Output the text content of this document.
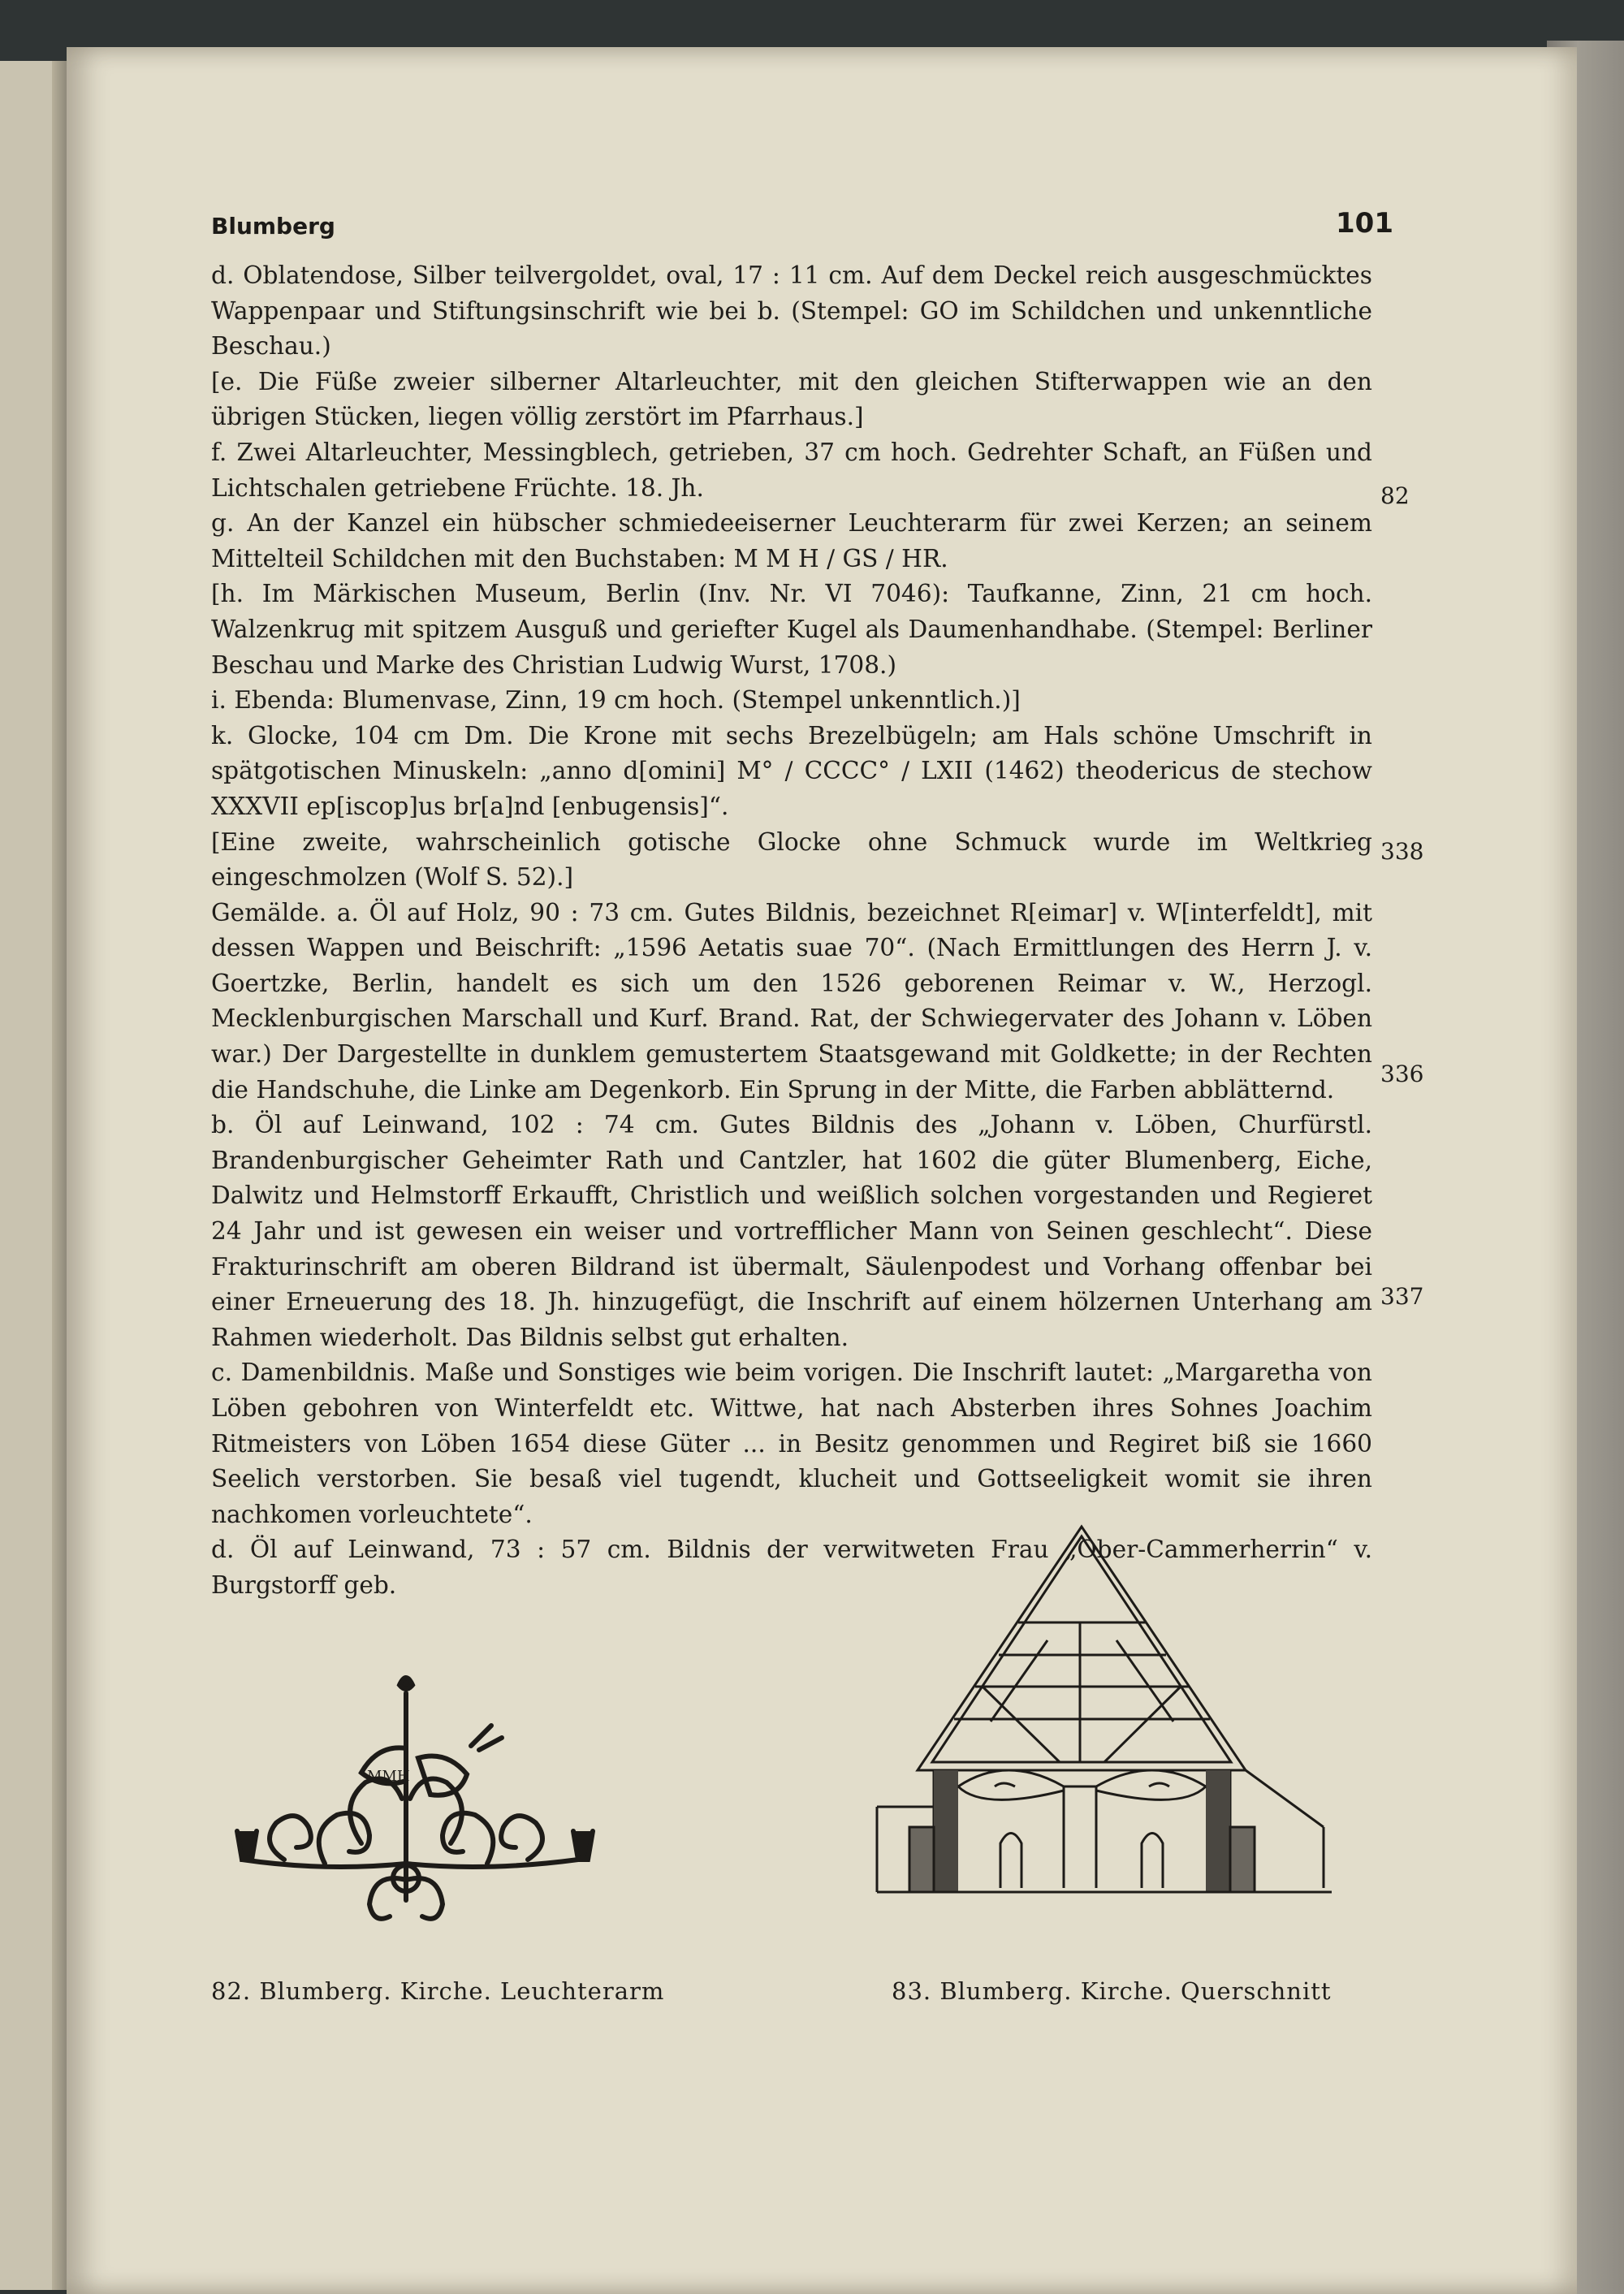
Blumberg	101

d. Oblatendose, Silber teilvergoldet, oval, 17 : 11 cm. Auf dem Deckel reich ausgeschmücktes Wappenpaar und Stiftungsinschrift wie bei b. (Stempel: GO im Schildchen und unkenntliche Beschau.)

[e. Die Füße zweier silberner Altarleuchter, mit den gleichen Stifterwappen wie an den übrigen Stücken, liegen völlig zerstört im Pfarrhaus.]

f. Zwei Altarleuchter, Messingblech, getrieben, 37 cm hoch. Gedrehter Schaft, an Füßen und Lichtschalen getriebene Früchte. 18. Jh.

g. An der Kanzel ein hübscher schmiedeeiserner Leuchterarm für zwei Kerzen; an seinem Mittelteil Schildchen mit den Buchstaben: M M H / GS / HR.

[h. Im Märkischen Museum, Berlin (Inv. Nr. VI 7046): Taufkanne, Zinn, 21 cm hoch. Walzenkrug mit spitzem Ausguß und geriefter Kugel als Daumenhandhabe. (Stempel: Berliner Beschau und Marke des Christian Ludwig Wurst, 1708.)

i. Ebenda: Blumenvase, Zinn, 19 cm hoch. (Stempel unkenntlich.)]

k. Glocke, 104 cm Dm. Die Krone mit sechs Brezelbügeln; am Hals schöne Umschrift in spätgotischen Minuskeln: „anno d[omini] M° / CCCC° / LXII (1462) theodericus de stechow XXXVII ep[iscop]us br[a]nd [enbugensis]“.

[Eine zweite, wahrscheinlich gotische Glocke ohne Schmuck wurde im Weltkrieg eingeschmolzen (Wolf S. 52).]

Gemälde. a. Öl auf Holz, 90 : 73 cm. Gutes Bildnis, bezeichnet R[eimar] v. W[interfeldt], mit dessen Wappen und Beischrift: „1596 Aetatis suae 70“. (Nach Ermittlungen des Herrn J. v. Goertzke, Berlin, handelt es sich um den 1526 geborenen Reimar v. W., Herzogl. Mecklenburgischen Marschall und Kurf. Brand. Rat, der Schwiegervater des Johann v. Löben war.) Der Dargestellte in dunklem gemustertem Staatsgewand mit Goldkette; in der Rechten die Handschuhe, die Linke am Degenkorb. Ein Sprung in der Mitte, die Farben abblätternd.

b. Öl auf Leinwand, 102 : 74 cm. Gutes Bildnis des „Johann v. Löben, Churfürstl. Brandenburgischer Geheimter Rath und Cantzler, hat 1602 die güter Blumenberg, Eiche, Dalwitz und Helmstorff Erkaufft, Christlich und weißlich solchen vorgestanden und Regieret 24 Jahr und ist gewesen ein weiser und vortrefflicher Mann von Seinen geschlecht“. Diese Frakturinschrift am oberen Bildrand ist übermalt, Säulenpodest und Vorhang offenbar bei einer Erneuerung des 18. Jh. hinzugefügt, die Inschrift auf einem hölzernen Unterhang am Rahmen wiederholt. Das Bildnis selbst gut erhalten.

c. Damenbildnis. Maße und Sonstiges wie beim vorigen. Die Inschrift lautet: „Margaretha von Löben gebohren von Winterfeldt etc. Wittwe, hat nach Absterben ihres Sohnes Joachim Ritmeisters von Löben 1654 diese Güter ... in Besitz genommen und Regiret biß sie 1660 Seelich verstorben. Sie besaß viel tugendt, klucheit und Gottseeligkeit womit sie ihren nachkomen vorleuchtete“.

d. Öl auf Leinwand, 73 : 57 cm. Bildnis der verwitweten Frau „Ober-Cammerherrin“ v. Burgstorff geb.

82
338
336
337
MMH

82. Blumberg. Kirche. Leuchterarm	83. Blumberg. Kirche. Querschnitt
